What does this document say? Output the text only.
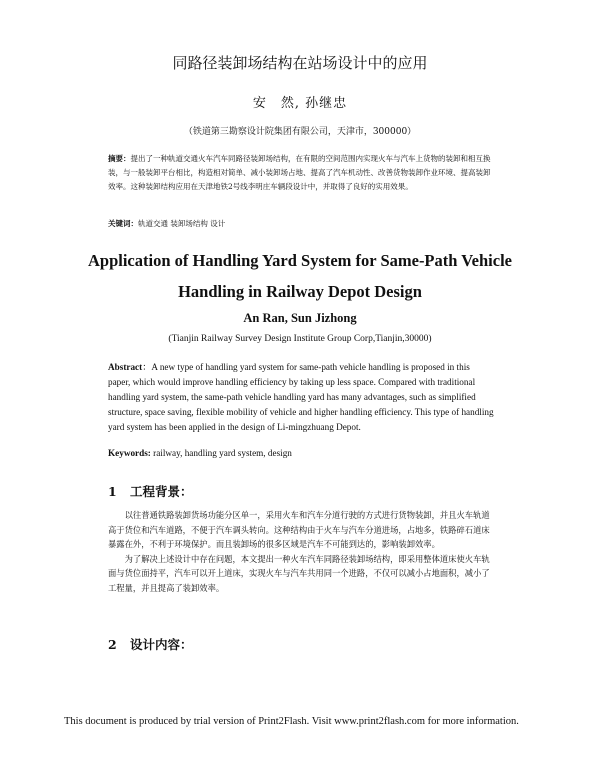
同路径装卸场结构在站场设计中的应用
安　然, 孙继忠
（铁道第三勘察设计院集团有限公司，天津市，300000）
摘要：提出了一种轨道交通火车汽车同路径装卸场结构，在有限的空间范围内实现火车与汽车上货物的装卸和相互换装，与一般装卸平台相比，构造相对简单、减小装卸场占地、提高了汽车机动性、改善货物装卸作业环境、提高装卸效率。这种装卸结构应用在天津地铁2号线李明庄车辆段设计中，并取得了良好的实用效果。
关键词：轨道交通 装卸场结构 设计
Application of Handling Yard System for Same-Path Vehicle
Handling in Railway Depot Design
An Ran, Sun Jizhong
(Tianjin Railway Survey Design Institute Group Corp,Tianjin,30000)
Abstract：A new type of handling yard system for same-path vehicle handling is proposed in this paper, which would improve handling efficiency by taking up less space. Compared with traditional handling yard system, the same-path vehicle handling yard has many advantages, such as simplified structure, space saving, flexible mobility of vehicle and higher handling efficiency. This type of handling yard system has been applied in the design of Li-mingzhuang Depot.
Keywords: railway, handling yard system, design
1 工程背景：

以往普通铁路装卸货场功能分区单一，采用火车和汽车分道行驶的方式进行货物装卸，并且火车轨道高于货位和汽车道路，不便于汽车调头转向。这种结构由于火车与汽车分道进场，占地多，铁路碎石道床暴露在外，不利于环境保护。而且装卸场的很多区域是汽车不可能到达的，影响装卸效率。

为了解决上述设计中存在问题，本文提出一种火车汽车同路径装卸场结构，即采用整体道床使火车轨面与货位面持平，汽车可以开上道床，实现火车与汽车共用同一个进路，不仅可以减小占地面积，减小了工程量，并且提高了装卸效率。

2 设计内容：
This document is produced by trial version of Print2Flash. Visit www.print2flash.com for more information.
